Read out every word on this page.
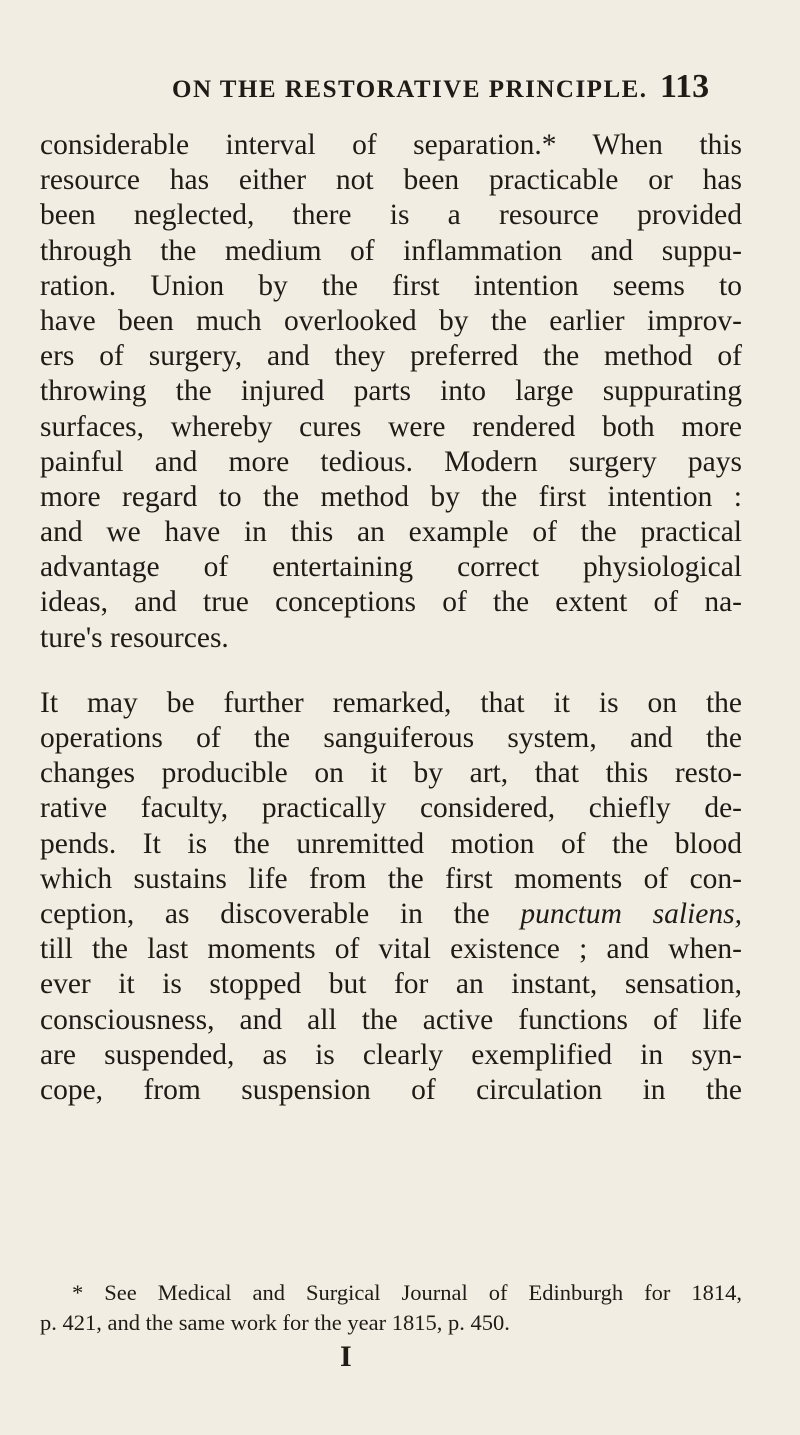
ON THE RESTORATIVE PRINCIPLE. 113
considerable interval of separation.* When this
resource has either not been practicable or has
been neglected, there is a resource provided
through the medium of inflammation and suppu-
ration. Union by the first intention seems to
have been much overlooked by the earlier improv-
ers of surgery, and they preferred the method of
throwing the injured parts into large suppurating
surfaces, whereby cures were rendered both more
painful and more tedious. Modern surgery pays
more regard to the method by the first intention :
and we have in this an example of the practical
advantage of entertaining correct physiological
ideas, and true conceptions of the extent of na-
ture's resources.
It may be further remarked, that it is on the
operations of the sanguiferous system, and the
changes producible on it by art, that this resto-
rative faculty, practically considered, chiefly de-
pends. It is the unremitted motion of the blood
which sustains life from the first moments of con-
ception, as discoverable in the punctum saliens,
till the last moments of vital existence ; and when-
ever it is stopped but for an instant, sensation,
consciousness, and all the active functions of life
are suspended, as is clearly exemplified in syn-
cope, from suspension of circulation in the
* See Medical and Surgical Journal of Edinburgh for 1814,
p. 421, and the same work for the year 1815, p. 450.
I
